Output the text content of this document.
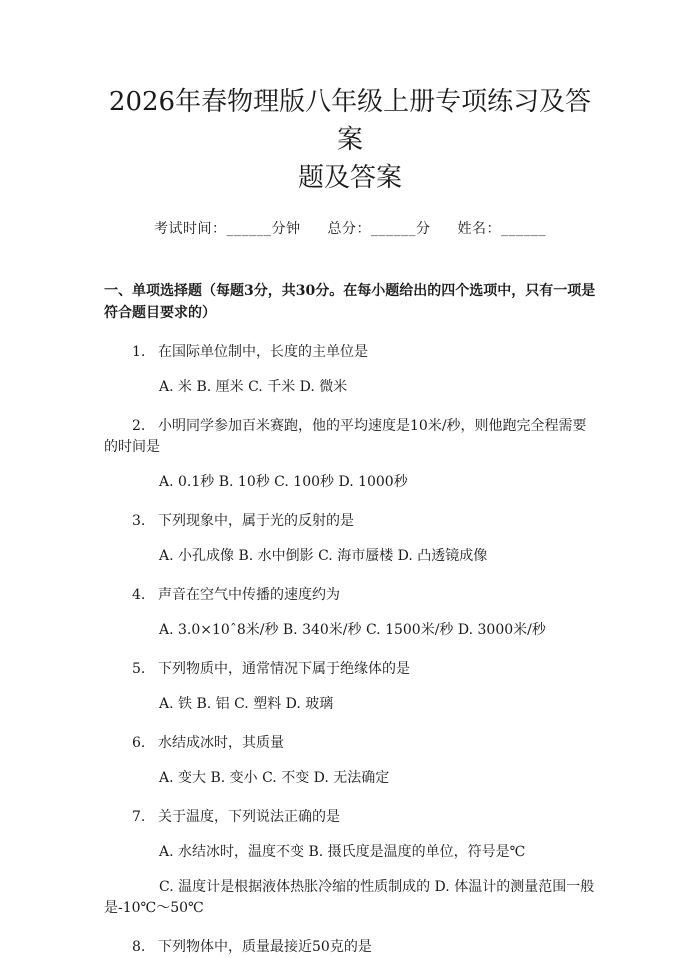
2026年春物理版八年级上册专项练习及答案
题及答案
考试时间：______分钟 总分：______分 姓名：______
一、单项选择题（每题3分，共30分。在每小题给出的四个选项中，只有一项是符合题目要求的）
1. 在国际单位制中，长度的主单位是
A. 米 B. 厘米 C. 千米 D. 微米
2. 小明同学参加百米赛跑，他的平均速度是10米/秒，则他跑完全程需要的时间是
A. 0.1秒 B. 10秒 C. 100秒 D. 1000秒
3. 下列现象中，属于光的反射的是
A. 小孔成像 B. 水中倒影 C. 海市蜃楼 D. 凸透镜成像
4. 声音在空气中传播的速度约为
A. 3.0×10ˆ8米/秒 B. 340米/秒 C. 1500米/秒 D. 3000米/秒
5. 下列物质中，通常情况下属于绝缘体的是
A. 铁 B. 铝 C. 塑料 D. 玻璃
6. 水结成冰时，其质量
A. 变大 B. 变小 C. 不变 D. 无法确定
7. 关于温度，下列说法正确的是
A. 水结冰时，温度不变 B. 摄氏度是温度的单位，符号是℃
C. 温度计是根据液体热胀冷缩的性质制成的 D. 体温计的测量范围一般是-10℃～50℃
8. 下列物体中，质量最接近50克的是
